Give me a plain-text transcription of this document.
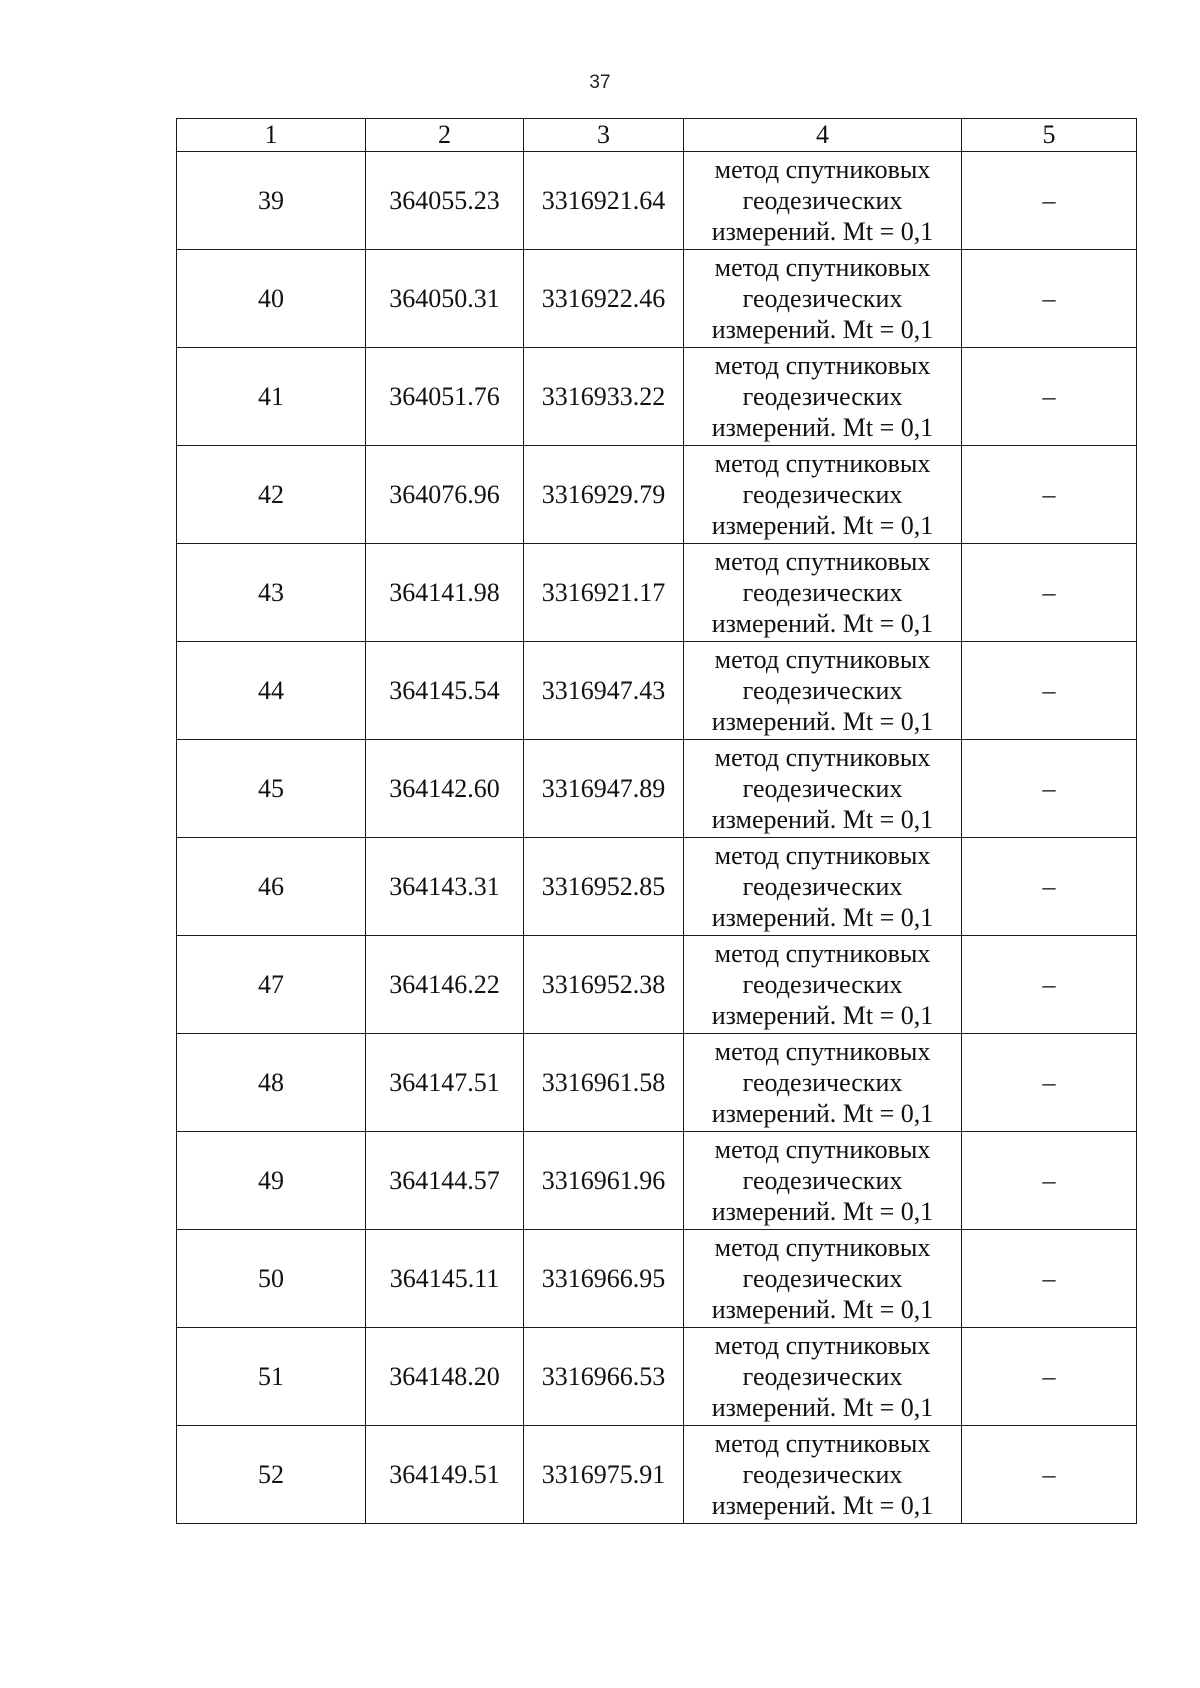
37
1	2	3	4	5
39	364055.23	3316921.64	метод спутниковых
геодезических
измерений. Mt = 0,1	–
40	364050.31	3316922.46	метод спутниковых
геодезических
измерений. Mt = 0,1	–
41	364051.76	3316933.22	метод спутниковых
геодезических
измерений. Mt = 0,1	–
42	364076.96	3316929.79	метод спутниковых
геодезических
измерений. Mt = 0,1	–
43	364141.98	3316921.17	метод спутниковых
геодезических
измерений. Mt = 0,1	–
44	364145.54	3316947.43	метод спутниковых
геодезических
измерений. Mt = 0,1	–
45	364142.60	3316947.89	метод спутниковых
геодезических
измерений. Mt = 0,1	–
46	364143.31	3316952.85	метод спутниковых
геодезических
измерений. Mt = 0,1	–
47	364146.22	3316952.38	метод спутниковых
геодезических
измерений. Mt = 0,1	–
48	364147.51	3316961.58	метод спутниковых
геодезических
измерений. Mt = 0,1	–
49	364144.57	3316961.96	метод спутниковых
геодезических
измерений. Mt = 0,1	–
50	364145.11	3316966.95	метод спутниковых
геодезических
измерений. Mt = 0,1	–
51	364148.20	3316966.53	метод спутниковых
геодезических
измерений. Mt = 0,1	–
52	364149.51	3316975.91	метод спутниковых
геодезических
измерений. Mt = 0,1	–
